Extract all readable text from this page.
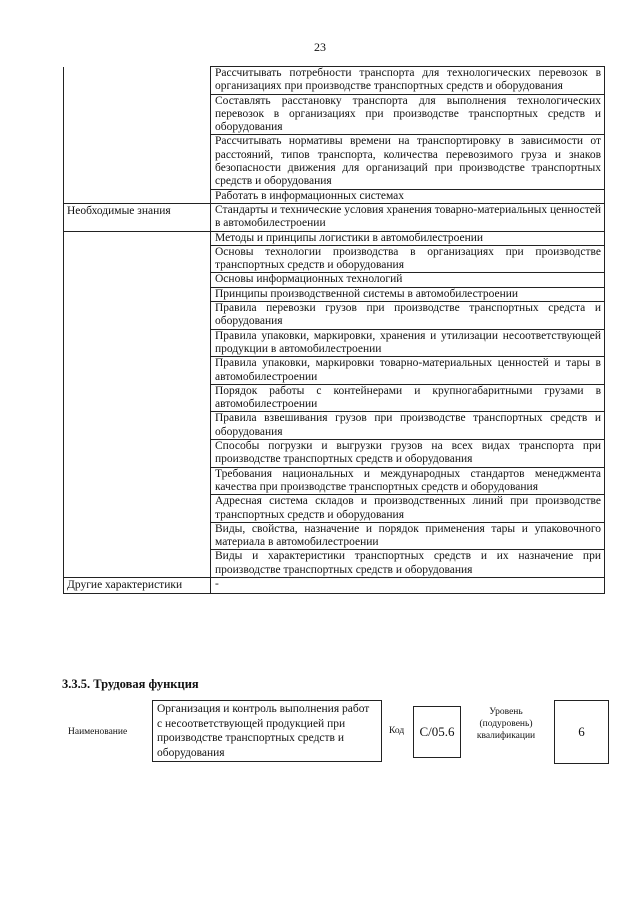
23
	Рассчитывать потребности транспорта для технологических перевозок в организациях при производстве транспортных средств и оборудования
	Составлять расстановку транспорта для выполнения технологических перевозок в организациях при производстве транспортных средств и оборудования
	Рассчитывать нормативы времени на транспортировку в зависимости от расстояний, типов транспорта, количества перевозимого груза и знаков безопасности движения для организаций при производстве транспортных средств и оборудования
	Работать в информационных системах
Необходимые знания	Стандарты и технические условия хранения товарно-материальных ценностей в автомобилестроении
	Методы и принципы логистики в автомобилестроении
	Основы технологии производства в организациях при производстве транспортных средств и оборудования
	Основы информационных технологий
	Принципы производственной системы в автомобилестроении
	Правила перевозки грузов при производстве транспортных средста и оборудования
	Правила упаковки, маркировки, хранения и утилизации несоответствующей продукции в автомобилестроении
	Правила упаковки, маркировки товарно-материальных ценностей и тары в автомобилестроении
	Порядок работы с контейнерами и крупногабаритными грузами в автомобилестроении
	Правила взвешивания грузов при производстве транспортных средств и оборудования
	Способы погрузки и выгрузки грузов на всех видах транспорта при производстве транспортных средств и оборудования
	Требования национальных и международных стандартов менеджмента качества при производстве транспортных средств и оборудования
	Адресная система складов и производственных линий при производстве транспортных средств и оборудования
	Виды, свойства, назначение и порядок применения тары и упаковочного материала в автомобилестроении
	Виды и характеристики транспортных средств и их назначение при производстве транспортных средств и оборудования
Другие характеристики	-
3.3.5. Трудовая функция
Наименование
Организация и контроль выполнения работ с несоответствующей продукцией при производстве транспортных средств и оборудования
Код	C/05.6
Уровень (подуровень) квалификации	6
